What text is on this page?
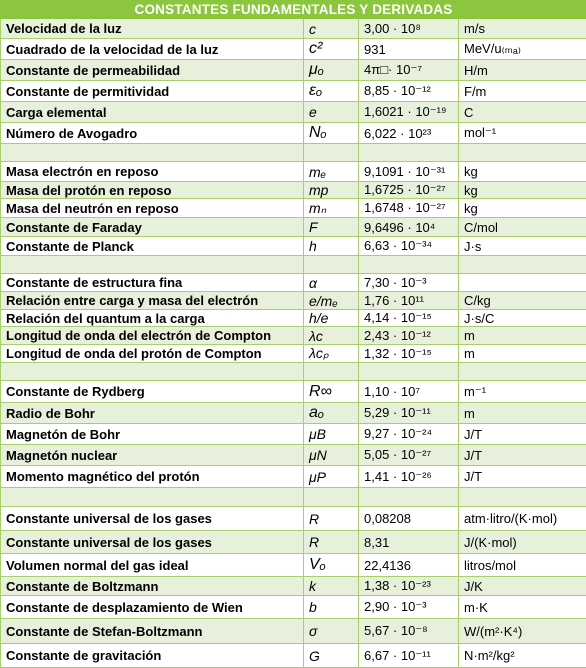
CONSTANTES FUNDAMENTALES Y DERIVADAS			
Velocidad de la luz	c	3,00 · 10⁸	m/s
Cuadrado de la velocidad de la luz	c²	931	MeV/u₍ₘₐ₎
Constante de permeabilidad	μₒ	4π□· 10⁻⁷	H/m
Constante de permitividad	εₒ	8,85 · 10⁻¹²	F/m
Carga elemental	e	1,6021 · 10⁻¹⁹	C
Número de Avogadro	Nₒ	6,022 · 10²³	mol⁻¹

Masa electrón en reposo	mₑ	9,1091 · 10⁻³¹	kg
Masa del protón en reposo	mp	1,6725 · 10⁻²⁷	kg
Masa del neutrón en reposo	mₙ	1,6748 · 10⁻²⁷	kg
Constante de Faraday	F	9,6496 · 10⁴	C/mol
Constante de Planck	h	6,63 · 10⁻³⁴	J·s

Constante de estructura fina	α	7,30 · 10⁻³	
Relación entre carga y masa del electrón	e/mₑ	1,76 · 10¹¹	C/kg
Relación del quantum a la carga	h/e	4,14 · 10⁻¹⁵	J·s/C
Longitud de onda del electrón de Compton	λc	2,43 · 10⁻¹²	m
Longitud de onda del protón de Compton	λcₚ	1,32 · 10⁻¹⁵	m

Constante de Rydberg	R∞	1,10 · 10⁷	m⁻¹
Radio de Bohr	aₒ	5,29 · 10⁻¹¹	m
Magnetón de Bohr	μB	9,27 · 10⁻²⁴	J/T
Magnetón nuclear	μN	5,05 · 10⁻²⁷	J/T
Momento magnético del protón	μP	1,41 · 10⁻²⁶	J/T

Constante universal de los gases	R	0,08208	atm·litro/(K·mol)
Constante universal de los gases	R	8,31	J/(K·mol)
Volumen normal del gas ideal	Vₒ	22,4136	litros/mol
Constante de Boltzmann	k	1,38 · 10⁻²³	J/K
Constante de desplazamiento de Wien	b	2,90 · 10⁻³	m·K
Constante de Stefan-Boltzmann	σ	5,67 · 10⁻⁸	W/(m²·K⁴)
Constante de gravitación	G	6,67 · 10⁻¹¹	N·m²/kg²
